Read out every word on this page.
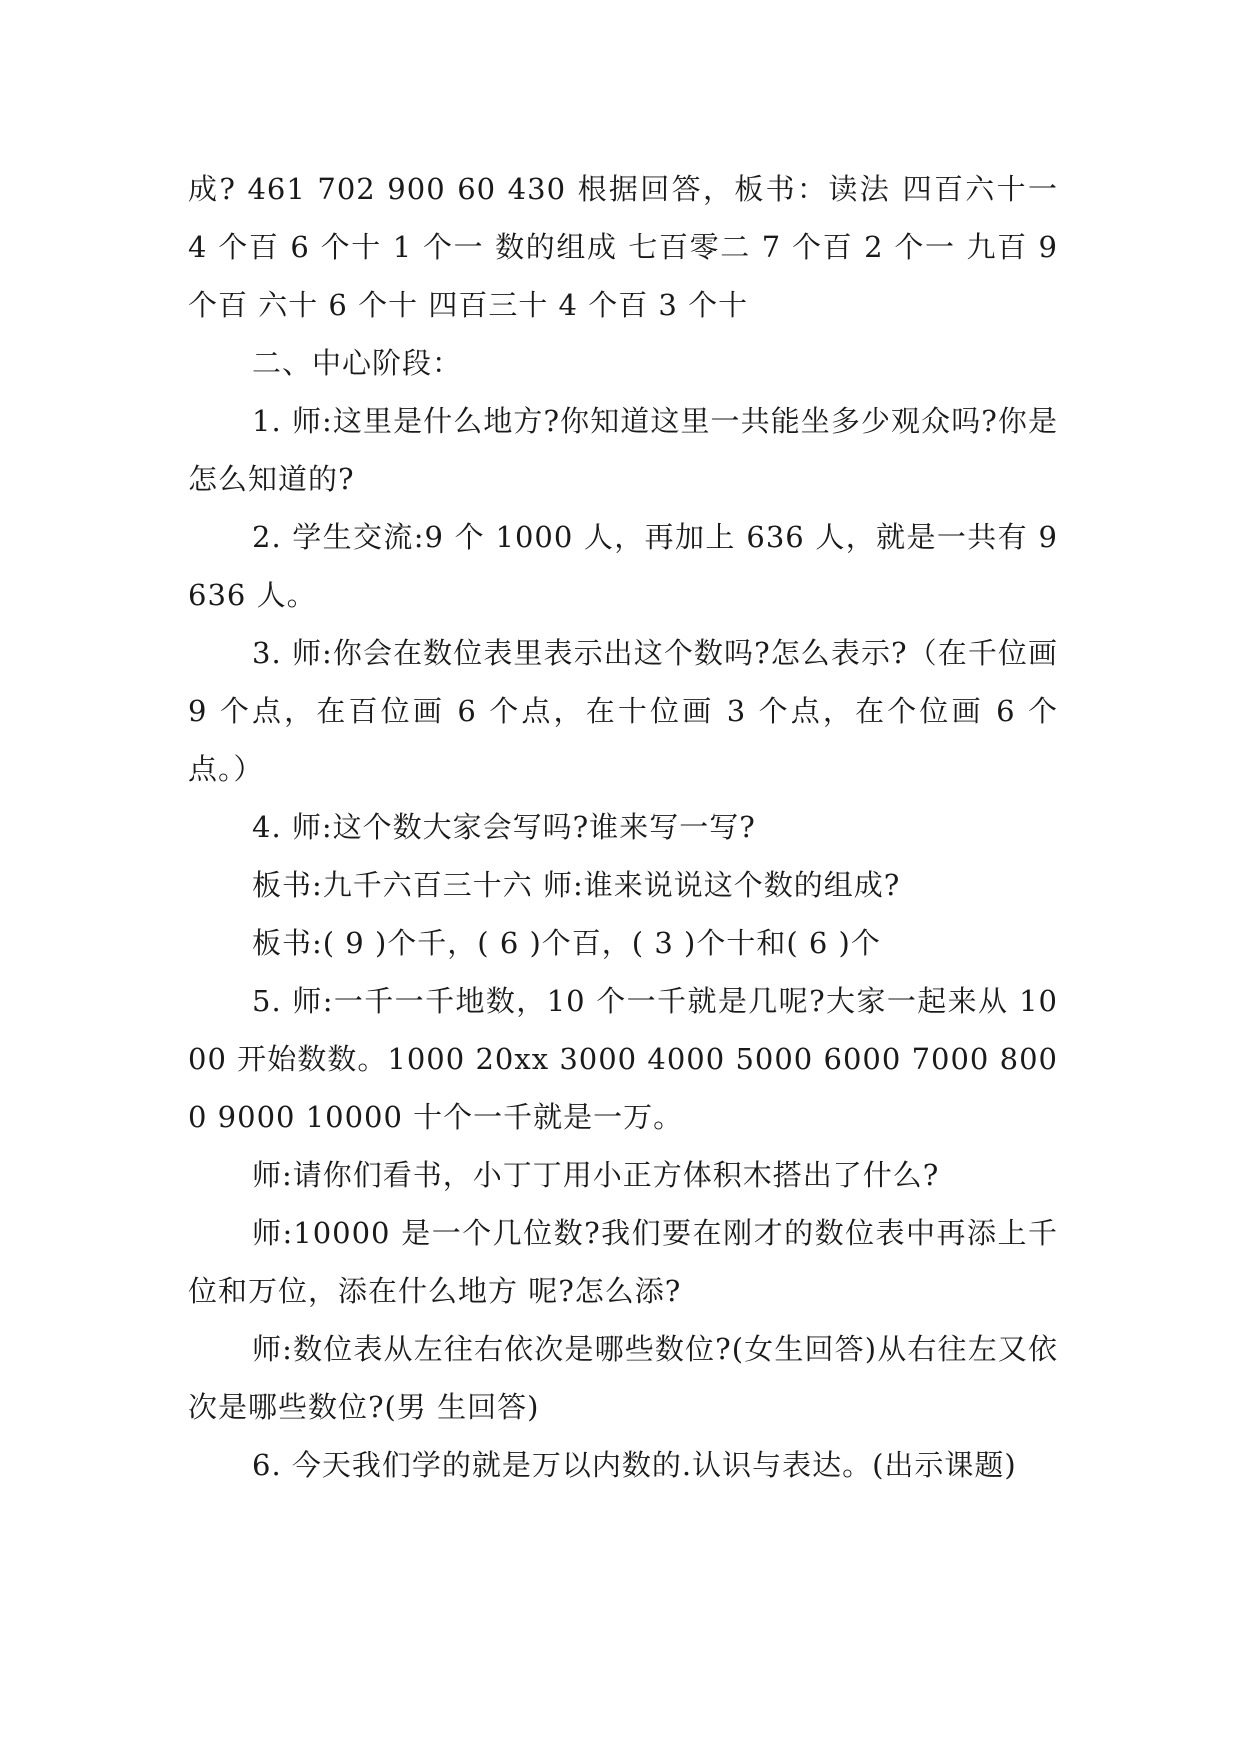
成? 461 702 900 60 430 根据回答，板书：读法 四百六十一 4 个百 6 个十 1 个一 数的组成 七百零二 7 个百 2 个一 九百 9 个百 六十 6 个十 四百三十 4 个百 3 个十

二、中心阶段：

1. 师:这里是什么地方?你知道这里一共能坐多少观众吗?你是怎么知道的?

2. 学生交流:9 个 1000 人，再加上 636 人，就是一共有 9636 人。

3. 师:你会在数位表里表示出这个数吗?怎么表示?（在千位画 9 个点，在百位画 6 个点，在十位画 3 个点，在个位画 6 个点。）

4. 师:这个数大家会写吗?谁来写一写?

板书:九千六百三十六 师:谁来说说这个数的组成?

板书:( 9 )个千，( 6 )个百，( 3 )个十和( 6 )个

5. 师:一千一千地数，10 个一千就是几呢?大家一起来从 1000 开始数数。1000 20xx 3000 4000 5000 6000 7000 8000 9000 10000 十个一千就是一万。

师:请你们看书，小丁丁用小正方体积木搭出了什么?

师:10000 是一个几位数?我们要在刚才的数位表中再添上千位和万位，添在什么地方 呢?怎么添?

师:数位表从左往右依次是哪些数位?(女生回答)从右往左又依次是哪些数位?(男 生回答)

6. 今天我们学的就是万以内数的.认识与表达。(出示课题)
